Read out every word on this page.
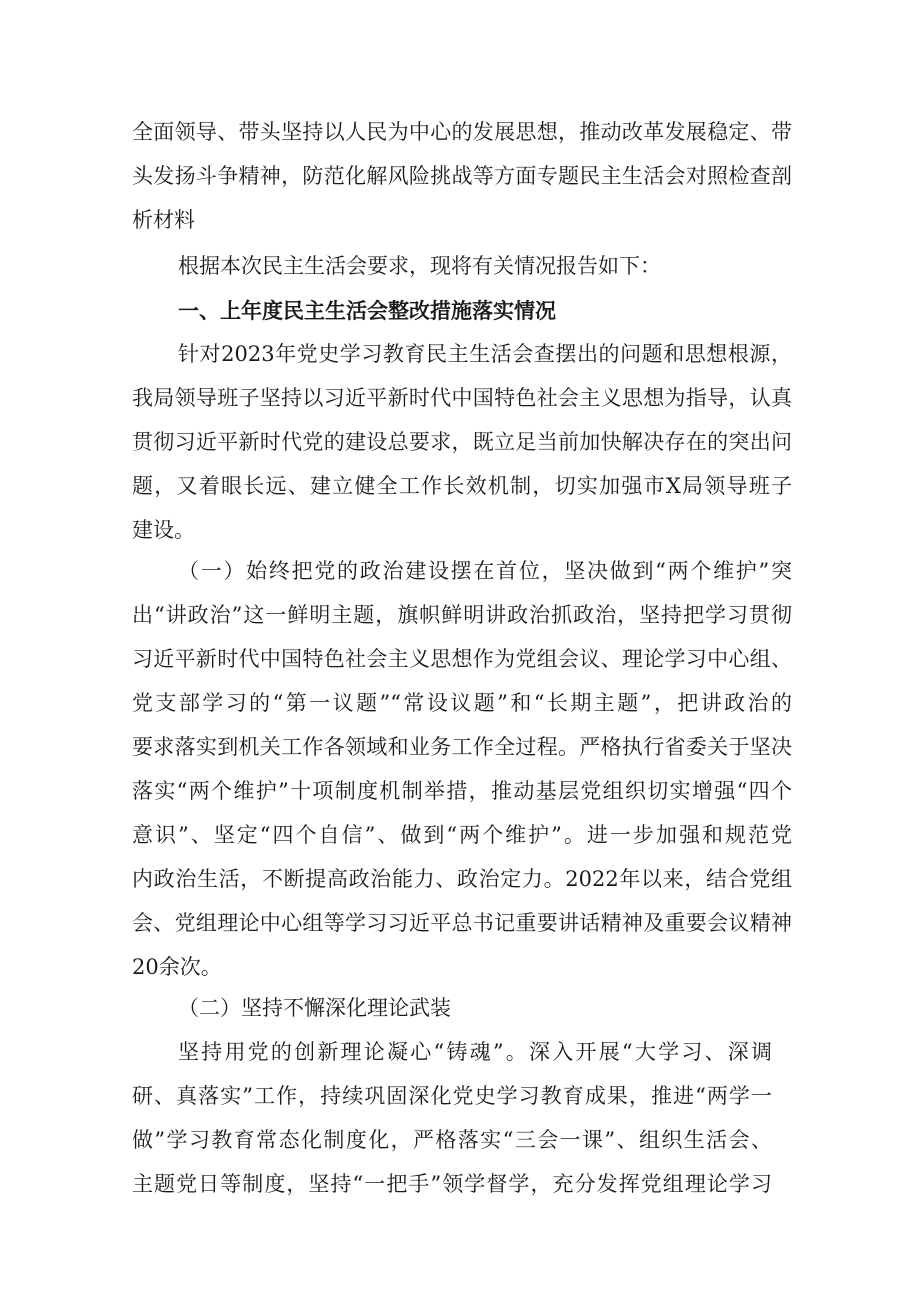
全面领导、带头坚持以人民为中心的发展思想，推动改革发展稳定、带
头发扬斗争精神，防范化解风险挑战等方面专题民主生活会对照检查剖
析材料
根据本次民主生活会要求，现将有关情况报告如下：
一、上年度民主生活会整改措施落实情况
针对2023年党史学习教育民主生活会查摆出的问题和思想根源，
我局领导班子坚持以习近平新时代中国特色社会主义思想为指导，认真
贯彻习近平新时代党的建设总要求，既立足当前加快解决存在的突出问
题，又着眼长远、建立健全工作长效机制，切实加强市X局领导班子
建设。
（一）始终把党的政治建设摆在首位，坚决做到“两个维护”突
出“讲政治”这一鲜明主题，旗帜鲜明讲政治抓政治，坚持把学习贯彻
习近平新时代中国特色社会主义思想作为党组会议、理论学习中心组、
党支部学习的“第一议题”“常设议题”和“长期主题”，把讲政治的
要求落实到机关工作各领域和业务工作全过程。严格执行省委关于坚决
落实“两个维护”十项制度机制举措，推动基层党组织切实增强“四个
意识”、坚定“四个自信”、做到“两个维护”。进一步加强和规范党
内政治生活，不断提高政治能力、政治定力。2022年以来，结合党组
会、党组理论中心组等学习习近平总书记重要讲话精神及重要会议精神
20余次。
（二）坚持不懈深化理论武装
坚持用党的创新理论凝心“铸魂”。深入开展“大学习、深调
研、真落实”工作，持续巩固深化党史学习教育成果，推进“两学一
做”学习教育常态化制度化，严格落实“三会一课”、组织生活会、
主题党日等制度，坚持“一把手”领学督学，充分发挥党组理论学习
